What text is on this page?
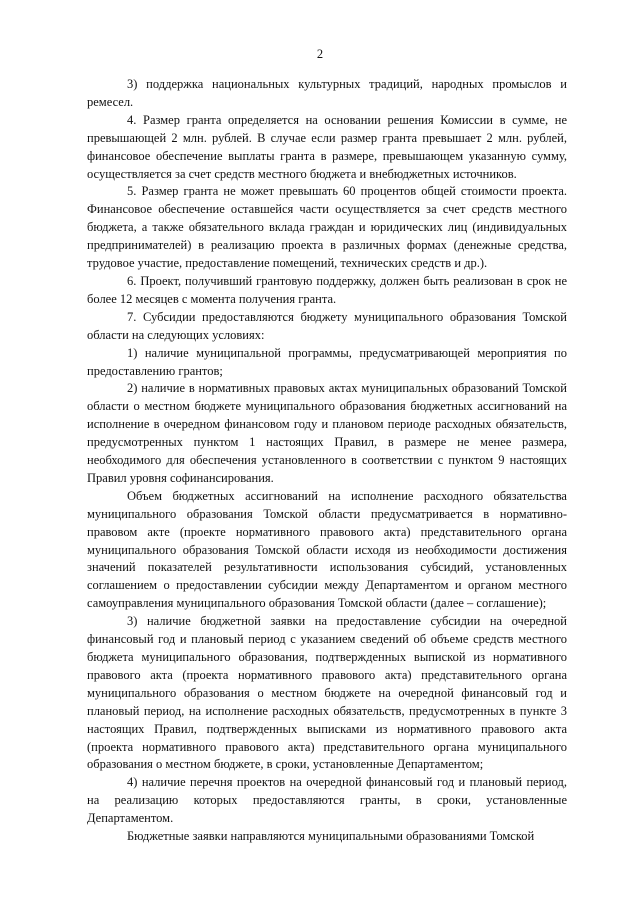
2

3) поддержка национальных культурных традиций, народных промыслов и ремесел.

4. Размер гранта определяется на основании решения Комиссии в сумме, не превышающей 2 млн. рублей. В случае если размер гранта превышает 2 млн. рублей, финансовое обеспечение выплаты гранта в размере, превышающем указанную сумму, осуществляется за счет средств местного бюджета и внебюджетных источников.

5. Размер гранта не может превышать 60 процентов общей стоимости проекта. Финансовое обеспечение оставшейся части осуществляется за счет средств местного бюджета, а также обязательного вклада граждан и юридических лиц (индивидуальных предпринимателей) в реализацию проекта в различных формах (денежные средства, трудовое участие, предоставление помещений, технических средств и др.).

6. Проект, получивший грантовую поддержку, должен быть реализован в срок не более 12 месяцев с момента получения гранта.

7. Субсидии предоставляются бюджету муниципального образования Томской области на следующих условиях:

1) наличие муниципальной программы, предусматривающей мероприятия по предоставлению грантов;

2) наличие в нормативных правовых актах муниципальных образований Томской области о местном бюджете муниципального образования бюджетных ассигнований на исполнение в очередном финансовом году и плановом периоде расходных обязательств, предусмотренных пунктом 1 настоящих Правил, в размере не менее размера, необходимого для обеспечения установленного в соответствии с пунктом 9 настоящих Правил уровня софинансирования.

Объем бюджетных ассигнований на исполнение расходного обязательства муниципального образования Томской области предусматривается в нормативно-правовом акте (проекте нормативного правового акта) представительного органа муниципального образования Томской области исходя из необходимости достижения значений показателей результативности использования субсидий, установленных соглашением о предоставлении субсидии между Департаментом и органом местного самоуправления муниципального образования Томской области (далее – соглашение);

3) наличие бюджетной заявки на предоставление субсидии на очередной финансовый год и плановый период с указанием сведений об объеме средств местного бюджета муниципального образования, подтвержденных выпиской из нормативного правового акта (проекта нормативного правового акта) представительного органа муниципального образования о местном бюджете на очередной финансовый год и плановый период, на исполнение расходных обязательств, предусмотренных в пункте 3 настоящих Правил, подтвержденных выписками из нормативного правового акта (проекта нормативного правового акта) представительного органа муниципального образования о местном бюджете, в сроки, установленные Департаментом;

4) наличие перечня проектов на очередной финансовый год и плановый период, на реализацию которых предоставляются гранты, в сроки, установленные Департаментом.

Бюджетные заявки направляются муниципальными образованиями Томской
